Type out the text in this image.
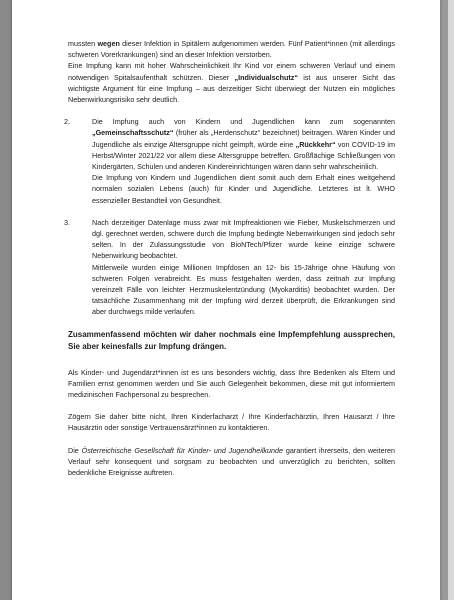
mussten wegen dieser Infektion in Spitälern aufgenommen werden. Fünf Patient*innen (mit allerdings schweren Vorerkrankungen) sind an dieser Infektion verstorben.

Eine Impfung kann mit hoher Wahrscheinlichkeit Ihr Kind vor einem schweren Verlauf und einem notwendigen Spitalsaufenthalt schützen. Dieser „Individualschutz“ ist aus unserer Sicht das wichtigste Argument für eine Impfung – aus derzeitiger Sicht überwiegt der Nutzen ein mögliches Nebenwirkungsrisiko sehr deutlich.

2.	Die Impfung auch von Kindern und Jugendlichen kann zum sogenannten „Gemeinschaftsschutz“ (früher als „Herdenschutz“ bezeichnet) beitragen. Wären Kinder und Jugendliche als einzige Altersgruppe nicht geimpft, würde eine „Rückkehr“ von COVID-19 im Herbst/Winter 2021/22 vor allem diese Altersgruppe betreffen. Großflächige Schließungen von Kindergärten, Schulen und anderen Kindereinrichtungen wären dann sehr wahrscheinlich.

Die Impfung von Kindern und Jugendlichen dient somit auch dem Erhalt eines weitgehend normalen sozialen Lebens (auch) für Kinder und Jugendliche. Letzteres ist lt. WHO essenzieller Bestandteil von Gesundheit.

3.	Nach derzeitiger Datenlage muss zwar mit Impfreaktionen wie Fieber, Muskelschmerzen und dgl. gerechnet werden, schwere durch die Impfung bedingte Nebenwirkungen sind jedoch sehr selten. In der Zulassungsstudie von BioNTech/Pfizer wurde keine einzige schwere Nebenwirkung beobachtet.

Mittlerweile wurden einige Millionen Impfdosen an 12- bis 15-Jährige ohne Häufung von schweren Folgen verabreicht. Es muss festgehalten werden, dass zeitnah zur Impfung vereinzelt Fälle von leichter Herzmuskelentzündung (Myokarditis) beobachtet wurden. Der tatsächliche Zusammenhang mit der Impfung wird derzeit überprüft, die Erkrankungen sind aber durchwegs milde verlaufen.

Zusammenfassend möchten wir daher nochmals eine Impfempfehlung aussprechen, Sie aber keinesfalls zur Impfung drängen.

Als Kinder- und Jugendärzt*innen ist es uns besonders wichtig, dass Ihre Bedenken als Eltern und Familien ernst genommen werden und Sie auch Gelegenheit bekommen, diese mit gut informiertem medizinischen Fachpersonal zu besprechen.

Zögern Sie daher bitte nicht, Ihren Kinderfacharzt / Ihre Kinderfachärztin, Ihren Hausarzt / Ihre Hausärztin oder sonstige Vertrauensärzt*innen zu kontaktieren.

Die Österreichische Gesellschaft für Kinder- und Jugendheilkunde garantiert ihrerseits, den weiteren Verlauf sehr konsequent und sorgsam zu beobachten und unverzüglich zu berichten, sollten bedenkliche Ereignisse auftreten.
